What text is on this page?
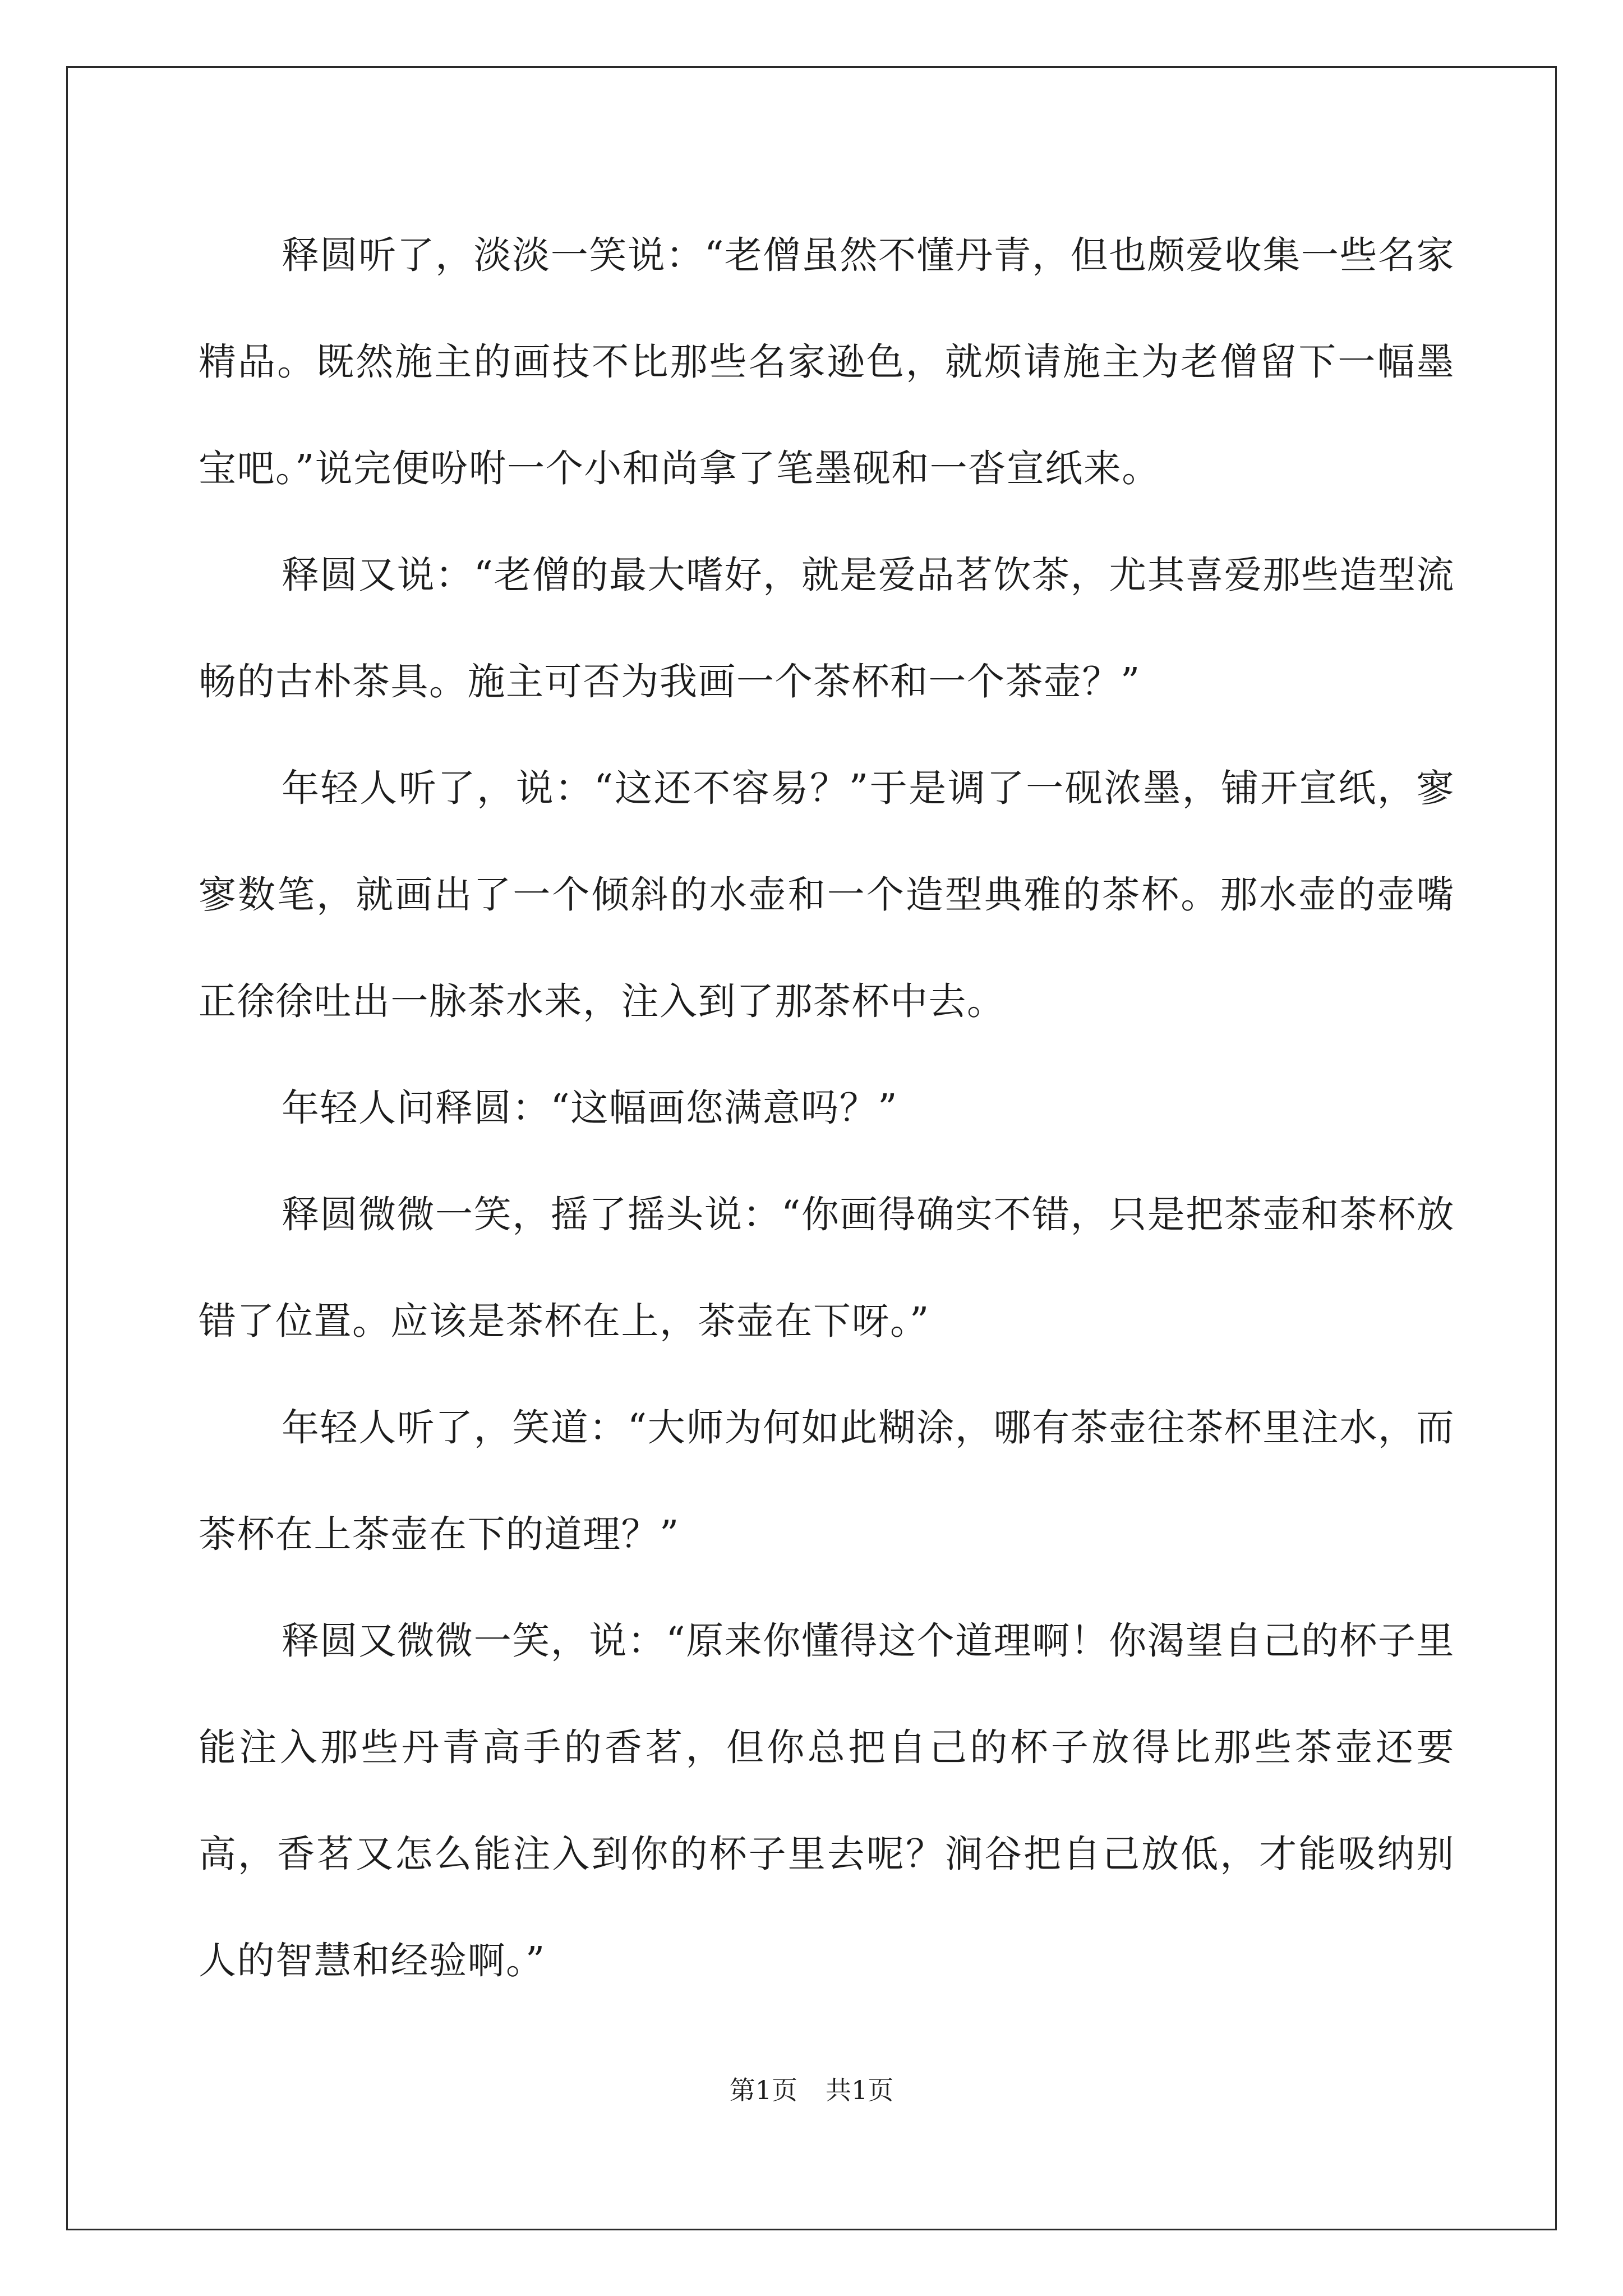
释圆听了，淡淡一笑说：“老僧虽然不懂丹青，但也颇爱收集一些名家精品。既然施主的画技不比那些名家逊色，就烦请施主为老僧留下一幅墨宝吧。”说完便吩咐一个小和尚拿了笔墨砚和一沓宣纸来。

释圆又说：“老僧的最大嗜好，就是爱品茗饮茶，尤其喜爱那些造型流畅的古朴茶具。施主可否为我画一个茶杯和一个茶壶？”

年轻人听了，说：“这还不容易？”于是调了一砚浓墨，铺开宣纸，寥寥数笔，就画出了一个倾斜的水壶和一个造型典雅的茶杯。那水壶的壶嘴正徐徐吐出一脉茶水来，注入到了那茶杯中去。

年轻人问释圆：“这幅画您满意吗？”

释圆微微一笑，摇了摇头说：“你画得确实不错，只是把茶壶和茶杯放错了位置。应该是茶杯在上，茶壶在下呀。”

年轻人听了，笑道：“大师为何如此糊涂，哪有茶壶往茶杯里注水，而茶杯在上茶壶在下的道理？”

释圆又微微一笑，说：“原来你懂得这个道理啊！你渴望自己的杯子里能注入那些丹青高手的香茗，但你总把自己的杯子放得比那些茶壶还要高，香茗又怎么能注入到你的杯子里去呢？涧谷把自己放低，才能吸纳别人的智慧和经验啊。”

第1页 共1页
